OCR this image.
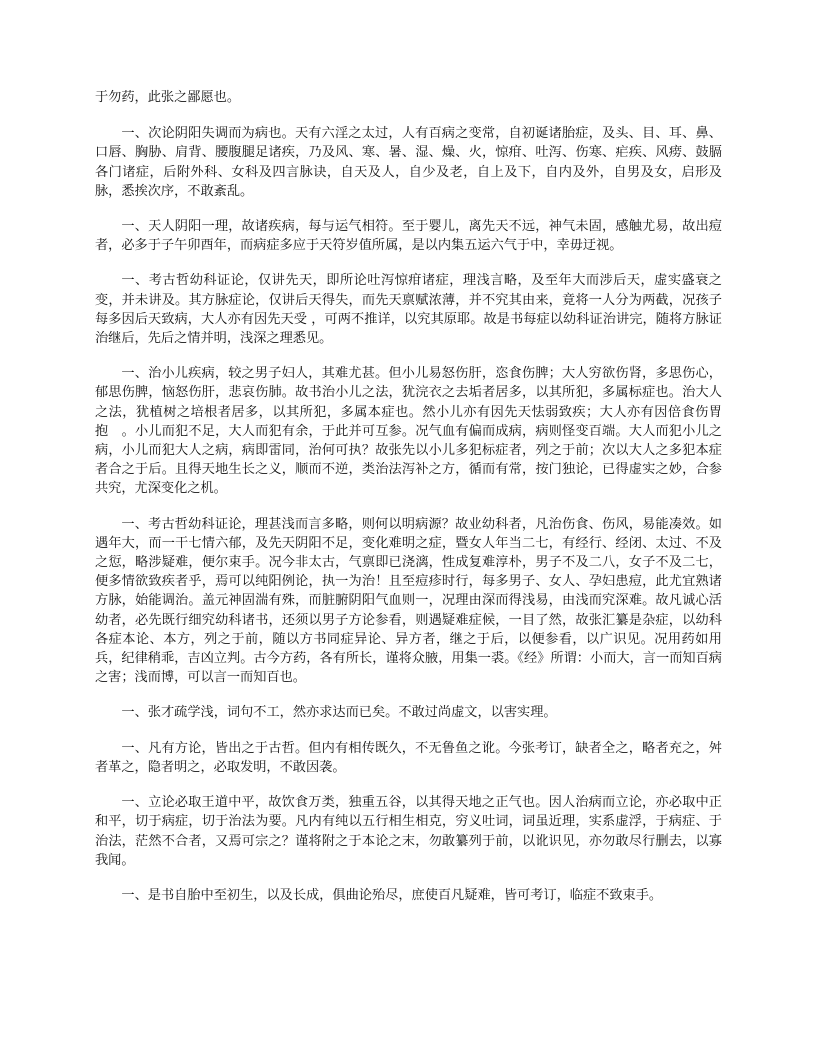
于勿药，此张之鄙愿也。

一、次论阴阳失调而为病也。天有六淫之太过，人有百病之变常，自初诞诸胎症，及头、目、耳、鼻、口唇、胸胁、肩背、腰腹腿足诸疾，乃及风、寒、暑、湿、燥、火，惊疳、吐泻、伤寒、疟疾、风痨、鼓膈各门诸症，后附外科、女科及四言脉诀，自天及人，自少及老，自上及下，自内及外，自男及女，启形及脉，悉挨次序，不敢紊乱。

一、天人阴阳一理，故诸疾病，每与运气相符。至于婴儿，离先天不远，神气未固，感触尤易，故出痘者，必多于子午卯酉年，而病症多应于天符岁值所属，是以内集五运六气于中，幸毋迂视。

一、考古哲幼科证论，仅讲先天，即所论吐泻惊疳诸症，理浅言略，及至年大而涉后天，虚实盛衰之变，并未讲及。其方脉症论，仅讲后天得失，而先天禀赋浓薄，并不究其由来，竟将一人分为两截，况孩子每多因后天致病，大人亦有因先天受 ，可两不推详，以究其原耶。故是书每症以幼科证治讲完，随将方脉证治继后，先后之情并明，浅深之理悉见。

一、治小儿疾病，较之男子妇人，其难尤甚。但小儿易怒伤肝，恣食伤脾；大人穷欲伤肾，多思伤心，郁思伤脾，恼怒伤肝，悲哀伤肺。故书治小儿之法，犹浣衣之去垢者居多，以其所犯，多属标症也。治大人之法，犹植树之培根者居多，以其所犯，多属本症也。然小儿亦有因先天怯弱致疾；大人亦有因倍食伤胃抱　。小儿而犯不足，大人而犯有余，于此并可互参。况气血有偏而成病，病则怪变百端。大人而犯小儿之病，小儿而犯大人之病，病即雷同，治何可执？故张先以小儿多犯标症者，列之于前；次以大人之多犯本症者合之于后。且得天地生长之义，顺而不逆，类治法泻补之方，循而有常，按门独论，已得虚实之妙，合参共究，尤深变化之机。

一、考古哲幼科证论，理甚浅而言多略，则何以明病源？故业幼科者，凡治伤食、伤风，易能凑效。如遇年大，而一干七情六郁，及先天阴阳不足，变化难明之症，暨女人年当二七，有经行、经闭、太过、不及之愆，略涉疑难，便尔束手。况今非太古，气禀即已浇漓，性成复难淳朴，男子不及二八，女子不及二七，便多情欲致疾者乎，焉可以纯阳例论，执一为治！且至痘疹时行，每多男子、女人、孕妇患痘，此尤宜熟诸方脉，始能调治。盖元神固湍有殊，而脏腑阴阳气血则一，况理由深而得浅易，由浅而究深难。故凡诚心活幼者，必先既行细究幼科诸书，还须以男子方论参看，则遇疑难症候，一目了然，故张汇纂是杂症，以幼科各症本论、本方，列之于前，随以方书同症异论、异方者，继之于后，以便参看，以广识见。况用药如用兵，纪律稍乖，吉凶立判。古今方药，各有所长，谨将众腋，用集一裘。《经》所谓：小而大，言一而知百病之害；浅而博，可以言一而知百也。

一、张才疏学浅，词句不工，然亦求达而已矣。不敢过尚虚文，以害实理。

一、凡有方论，皆出之于古哲。但内有相传既久，不无鲁鱼之讹。今张考订，缺者全之，略者充之，舛者革之，隐者明之，必取发明，不敢因袭。

一、立论必取王道中平，故饮食万类，独重五谷，以其得天地之正气也。因人治病而立论，亦必取中正和平，切于病症，切于治法为要。凡内有纯以五行相生相克，穷义吐词，词虽近理，实系虚浮，于病症、于治法，茫然不合者，又焉可宗之？谨将附之于本论之末，勿敢纂列于前，以讹识见，亦勿敢尽行删去，以寡我闻。

一、是书自胎中至初生，以及长成，俱曲论殆尽，庶使百凡疑难，皆可考订，临症不致束手。
